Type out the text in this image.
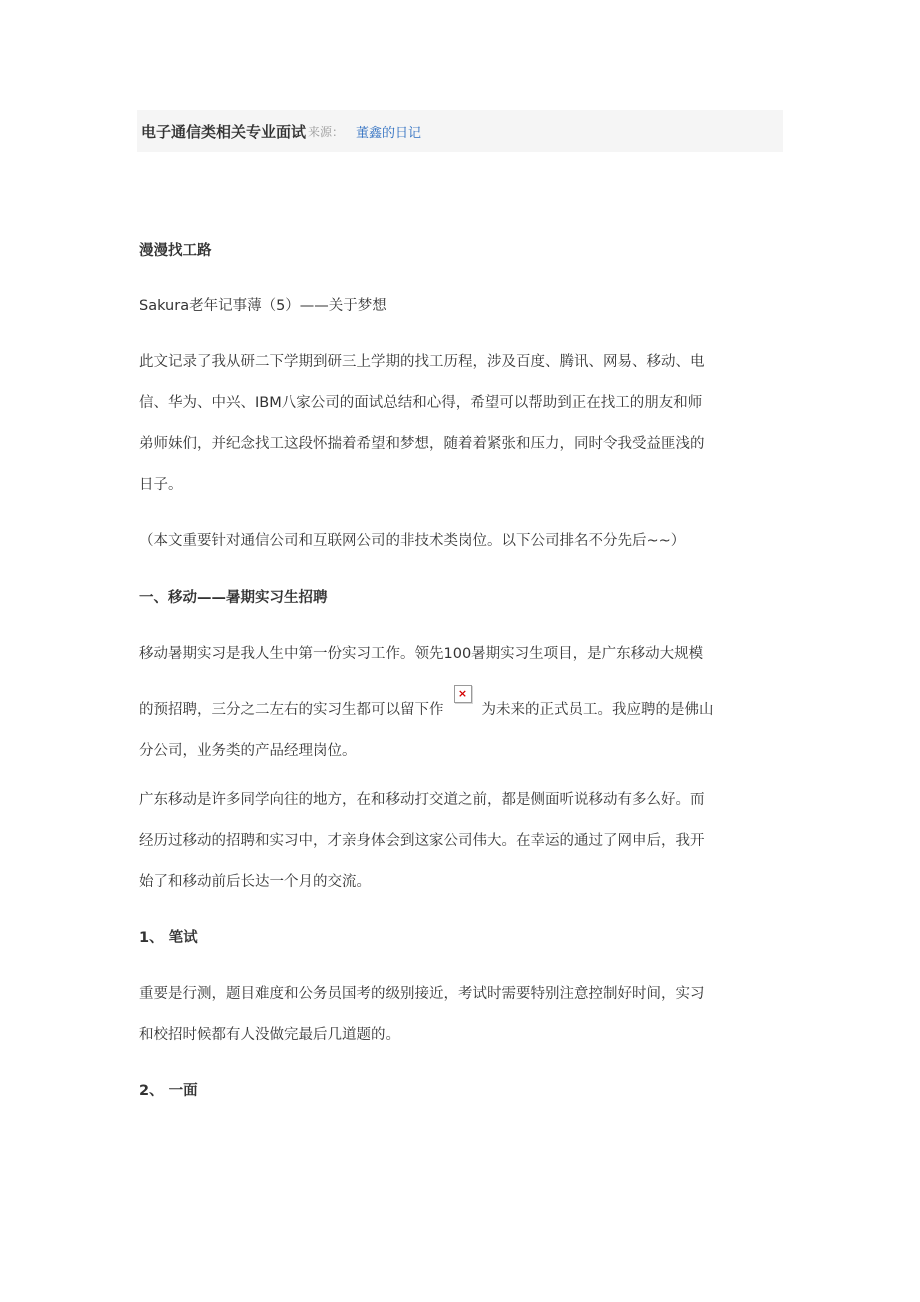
电子通信类相关专业面试 来源： 董鑫的日记
漫漫找工路
Sakura老年记事薄（5）——关于梦想
此文记录了我从研二下学期到研三上学期的找工历程，涉及百度、腾讯、网易、移动、电
信、华为、中兴、IBM八家公司的面试总结和心得，希望可以帮助到正在找工的朋友和师
弟师妹们，并纪念找工这段怀揣着希望和梦想，随着着紧张和压力，同时令我受益匪浅的
日子。
（本文重要针对通信公司和互联网公司的非技术类岗位。以下公司排名不分先后~~）
一、移动——暑期实习生招聘
移动暑期实习是我人生中第一份实习工作。领先100暑期实习生项目，是广东移动大规模
的预招聘，三分之二左右的实习生都可以留下作
×
为未来的正式员工。我应聘的是佛山
分公司，业务类的产品经理岗位。
广东移动是许多同学向往的地方，在和移动打交道之前，都是侧面听说移动有多么好。而
经历过移动的招聘和实习中，才亲身体会到这家公司伟大。在幸运的通过了网申后，我开
始了和移动前后长达一个月的交流。
1、 笔试
重要是行测，题目难度和公务员国考的级别接近，考试时需要特别注意控制好时间，实习
和校招时候都有人没做完最后几道题的。
2、 一面
